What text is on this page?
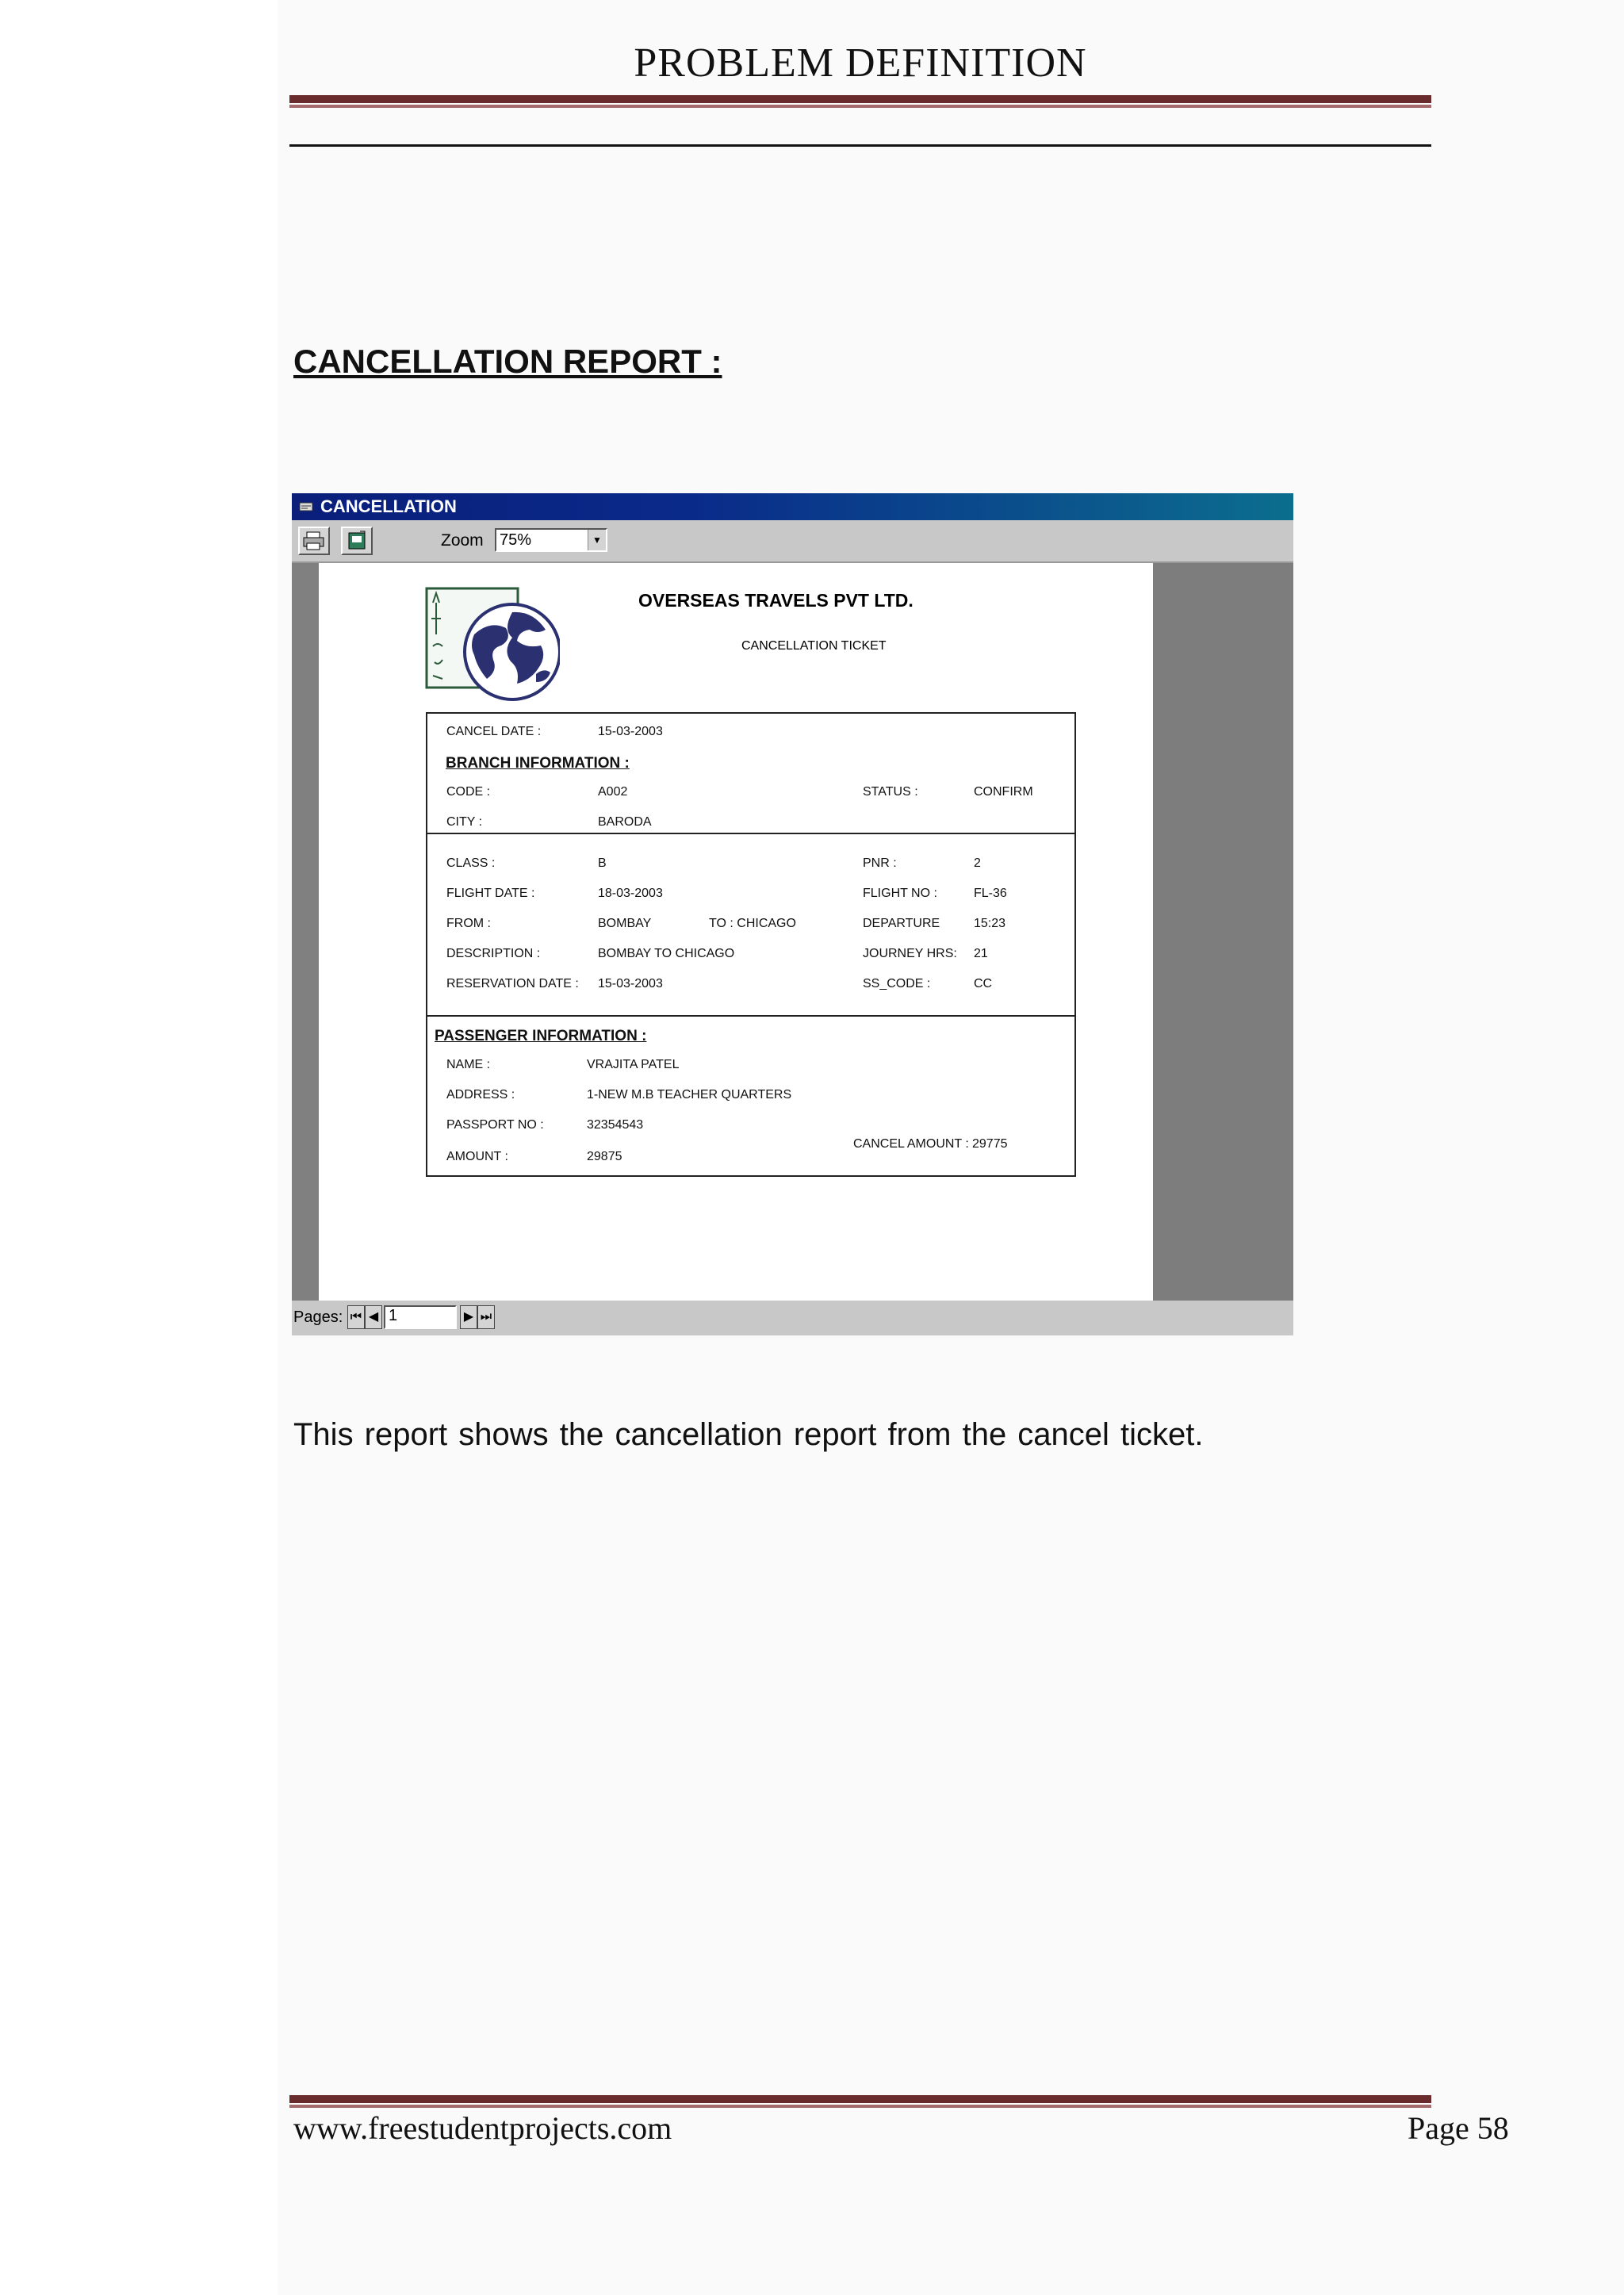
PROBLEM DEFINITION
CANCELLATION REPORT :
CANCELLATION
Zoom 75%	▼
OVERSEAS TRAVELS PVT LTD.
CANCELLATION TICKET
CANCEL DATE :	15-03-2003
BRANCH INFORMATION :
CODE :	A002	STATUS :	CONFIRM
CITY :	BARODA
CLASS :	B	PNR :	2
FLIGHT DATE :	18-03-2003	FLIGHT NO :	FL-36
FROM :	BOMBAY	TO : CHICAGO	DEPARTURE	15:23
DESCRIPTION :	BOMBAY TO CHICAGO	JOURNEY HRS: 21
RESERVATION DATE : 15-03-2003	SS_CODE :	CC
PASSENGER INFORMATION :
NAME :	VRAJITA PATEL
ADDRESS :	1-NEW M.B TEACHER QUARTERS
PASSPORT NO :	32354543
CANCEL AMOUNT : 29775
AMOUNT :	29875
Pages: ⏮ ◀ 1	▶ ⏭
This report shows the cancellation report from the cancel ticket.
www.freestudentprojects.com	Page 58
